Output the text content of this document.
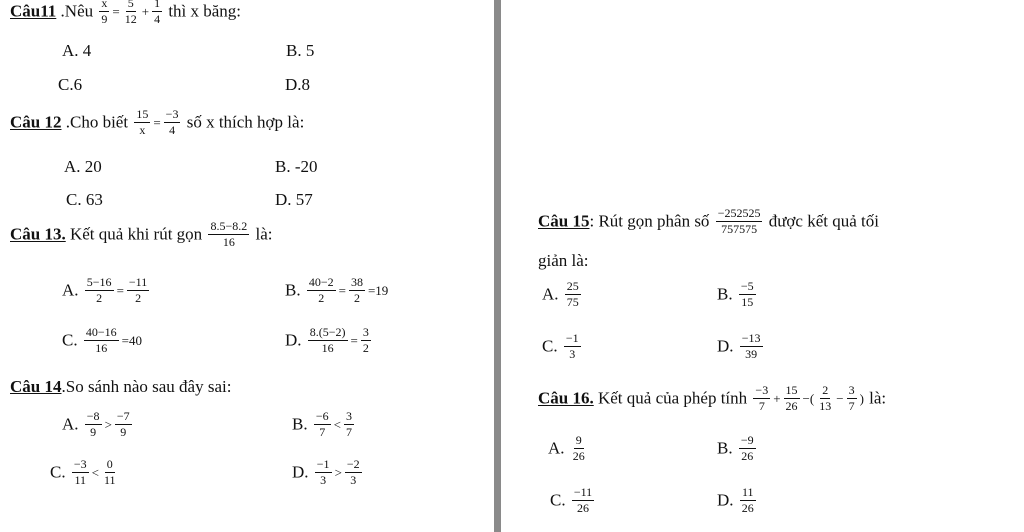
Câu11 .Nêu $\frac{x}{9} = \frac{5}{12} + \frac{1}{4}$ thì x băng:
A. 4	B. 5
C.6	D.8
Câu 12 .Cho biết $\frac{15}{x} = \frac{-3}{4}$ số x thích hợp là:
A. 20	B. -20
C. 63	D. 57
Câu 13. Kết quả khi rút gọn $\frac{8.5-8.2}{16}$ là:
A. $\frac{5-16}{2} = \frac{-11}{2}$	B. $\frac{40-2}{2} = \frac{38}{2} =19$
C. $\frac{40-16}{16} =40$	D. $\frac{8.(5-2)}{16} = \frac{3}{2}$
Câu 14.So sánh nào sau đây sai:
A. $\frac{-8}{9} > \frac{-7}{9}$	B. $\frac{-6}{7} < \frac{3}{7}$
C. $\frac{-3}{11} < \frac{0}{11}$	D. $\frac{-1}{3} > \frac{-2}{3}$
Câu 15: Rút gọn phân số $\frac{-252525}{757575}$ được kết quả tối
giản là:
A. $\frac{25}{75}$	B. $\frac{-5}{15}$
C. $\frac{-1}{3}$	D. $\frac{-13}{39}$
Câu 16. Kết quả của phép tính $\frac{-3}{7} + \frac{15}{26}$ −( $\frac{2}{13} - \frac{3}{7}$ ) là:
A. $\frac{9}{26}$	B. $\frac{-9}{26}$
C. $\frac{-11}{26}$	D. $\frac{11}{26}$
